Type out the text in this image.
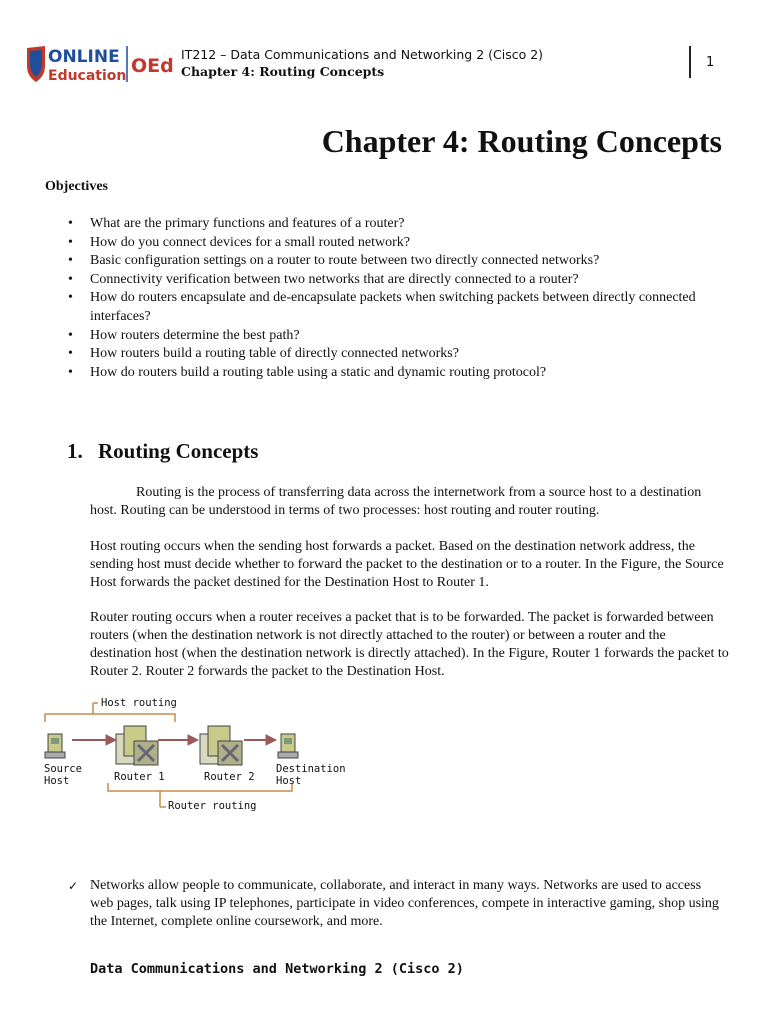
ONLINE
Education OEd
IT212 – Data Communications and Networking 2 (Cisco 2)
Chapter 4: Routing Concepts
1
Chapter 4: Routing Concepts
Objectives
• What are the primary functions and features of a router?
• How do you connect devices for a small routed network?
• Basic configuration settings on a router to route between two directly connected networks?
• Connectivity verification between two networks that are directly connected to a router?
• How do routers encapsulate and de-encapsulate packets when switching packets between directly connected interfaces?
• How routers determine the best path?
• How routers build a routing table of directly connected networks?
• How do routers build a routing table using a static and dynamic routing protocol?
1. Routing Concepts

Routing is the process of transferring data across the internetwork from a source host to a destination host. Routing can be understood in terms of two processes: host routing and router routing.

Host routing occurs when the sending host forwards a packet. Based on the destination network address, the sending host must decide whether to forward the packet to the destination or to a router. In the Figure, the Source Host forwards the packet destined for the Destination Host to Router 1.

Router routing occurs when a router receives a packet that is to be forwarded. The packet is forwarded between routers (when the destination network is not directly attached to the router) or between a router and the destination host (when the destination network is directly attached). In the Figure, Router 1 forwards the packet to Router 2. Router 2 forwards the packet to the Destination Host.

Host routing
Router routing
Source
Host	Router 1	Router 2
Destination
Host
✓ Networks allow people to communicate, collaborate, and interact in many ways. Networks are used to access web pages, talk using IP telephones, participate in video conferences, compete in interactive gaming, shop using the Internet, complete online coursework, and more.
Data Communications and Networking 2 (Cisco 2)
